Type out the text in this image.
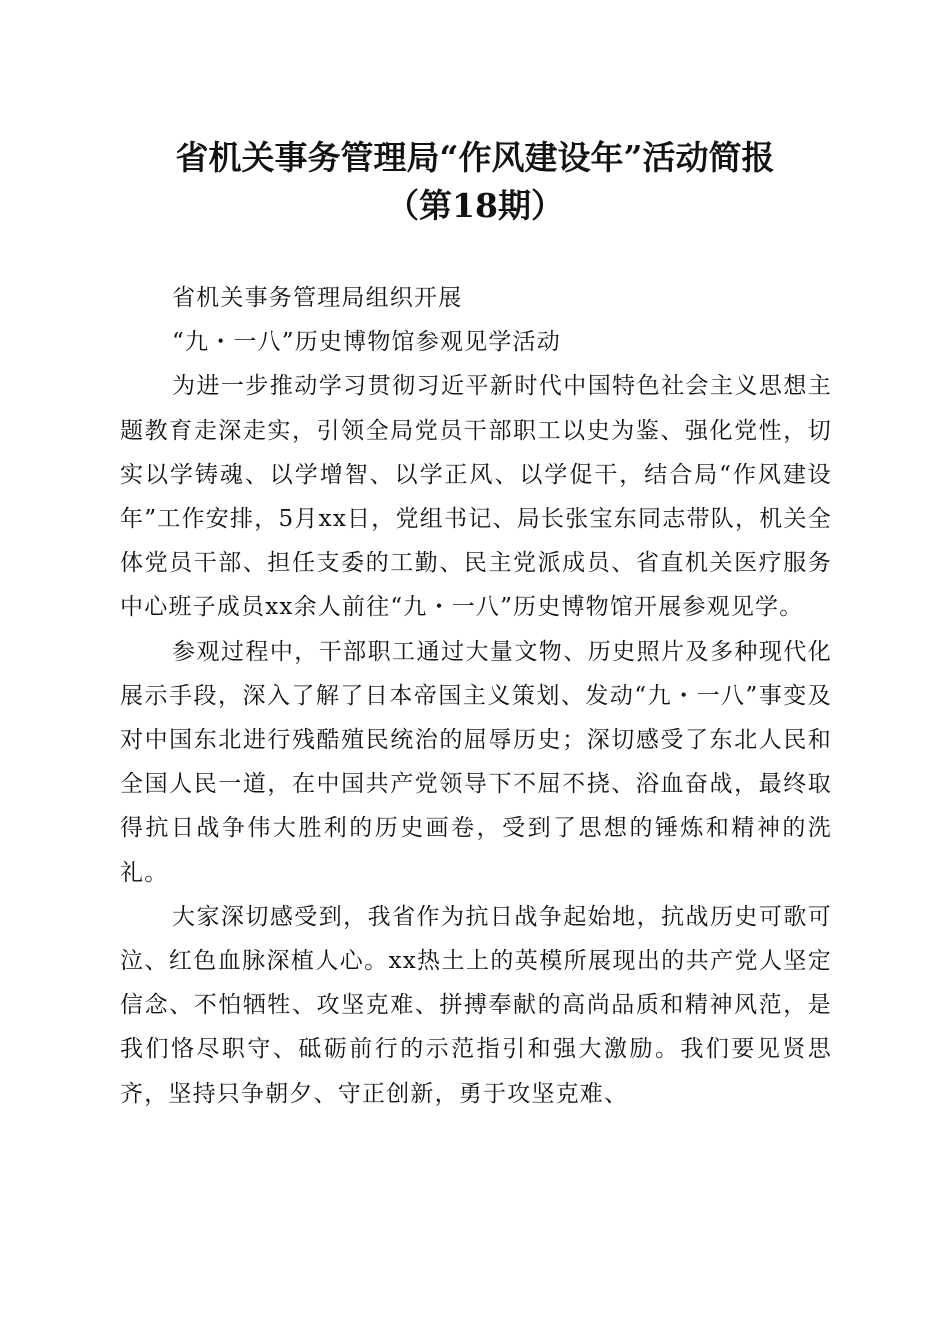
省机关事务管理局“作风建设年”活动简报
（第18期）

省机关事务管理局组织开展

“九・一八”历史博物馆参观见学活动

为进一步推动学习贯彻习近平新时代中国特色社会主义思想主题教育走深走实，引领全局党员干部职工以史为鉴、强化党性，切实以学铸魂、以学增智、以学正风、以学促干，结合局“作风建设年”工作安排，5月xx日，党组书记、局长张宝东同志带队，机关全体党员干部、担任支委的工勤、民主党派成员、省直机关医疗服务中心班子成员xx余人前往“九・一八”历史博物馆开展参观见学。

参观过程中，干部职工通过大量文物、历史照片及多种现代化展示手段，深入了解了日本帝国主义策划、发动“九・一八”事变及对中国东北进行残酷殖民统治的屈辱历史；深切感受了东北人民和全国人民一道，在中国共产党领导下不屈不挠、浴血奋战，最终取得抗日战争伟大胜利的历史画卷，受到了思想的锤炼和精神的洗礼。

大家深切感受到，我省作为抗日战争起始地，抗战历史可歌可泣、红色血脉深植人心。xx热土上的英模所展现出的共产党人坚定信念、不怕牺牲、攻坚克难、拼搏奉献的高尚品质和精神风范，是我们恪尽职守、砥砺前行的示范指引和强大激励。我们要见贤思齐，坚持只争朝夕、守正创新，勇于攻坚克难、
